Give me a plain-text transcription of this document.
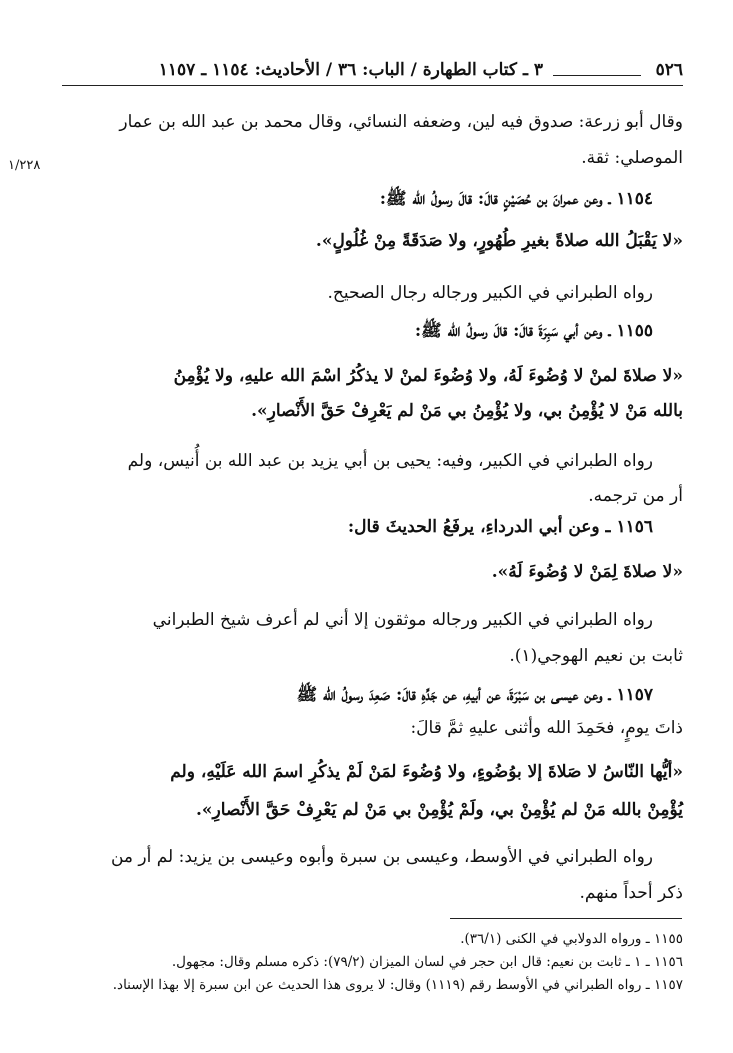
٥٢٦
٣ ـ كتاب الطهارة / الباب: ٣٦ / الأحاديث: ١١٥٤ ـ ١١٥٧
١/٢٢٨
وقال أبو زرعة: صدوق فيه لين، وضعفه النسائي، وقال محمد بن عبد الله بن عمار
الموصلي: ثقة.
١١٥٤ ـ وعن عمرانَ بن حُصَيْنٍ قالَ: قالَ رسولُ الله ﷺ:
«لا يَقْبَلُ الله صلاةً بغيرِ طُهُورٍ، ولا صَدَقَةً مِنْ غُلُولٍ».
رواه الطبراني في الكبير ورجاله رجال الصحيح.
١١٥٥ ـ وعن أبي سَبِرَةَ قالَ: قالَ رسولُ الله ﷺ:
«لا صلاةَ لمنْ لا وُضُوءَ لَهُ، ولا وُضُوءَ لمنْ لا يذكُرُ اسْمَ الله عليهِ، ولا يُؤْمِنُ
بالله مَنْ لا يُؤْمِنُ بي، ولا يُؤْمِنُ بي مَنْ لم يَعْرِفْ حَقَّ الأَنْصارِ».
رواه الطبراني في الكبير، وفيه: يحيى بن أبي يزيد بن عبد الله بن أُنيس، ولم
أر من ترجمه.
١١٥٦ ـ وعن أبي الدرداءِ، يرفَعُ الحديثَ قال:
«لا صلاةَ لِمَنْ لا وُضُوءَ لَهُ».
رواه الطبراني في الكبير ورجاله موثقون إلا أني لم أعرف شيخ الطبراني
ثابت بن نعيم الهوجي(١).
١١٥٧ ـ وعن عيسى بن سَبْرَةَ، عن أبيهِ، عن جَدِّهِ قالَ: صَعِدَ رسولُ الله ﷺ
ذاتَ يومٍ، فحَمِدَ الله وأثنى عليهِ ثمَّ قالَ:
«أيُّها النّاسُ لا صَلاةَ إلا بوُضُوءٍ، ولا وُضُوءَ لمَنْ لَمْ يذكُرِ اسمَ الله عَلَيْهِ، ولم
يُؤْمِنْ بالله مَنْ لم يُؤْمِنْ بي، ولَمْ يُؤْمِنْ بي مَنْ لم يَعْرِفْ حَقَّ الأَنْصارِ».
رواه الطبراني في الأوسط، وعيسى بن سبرة وأبوه وعيسى بن يزيد: لم أر من
ذكر أحداً منهم.
١١٥٥ ـ ورواه الدولابي في الكنى (٣٦/١).
١١٥٦ ـ ١ ـ ثابت بن نعيم: قال ابن حجر في لسان الميزان (٧٩/٢): ذكره مسلم وقال: مجهول.
١١٥٧ ـ رواه الطبراني في الأوسط رقم (١١١٩) وقال: لا يروى هذا الحديث عن ابن سبرة إلا بهذا الإسناد.
